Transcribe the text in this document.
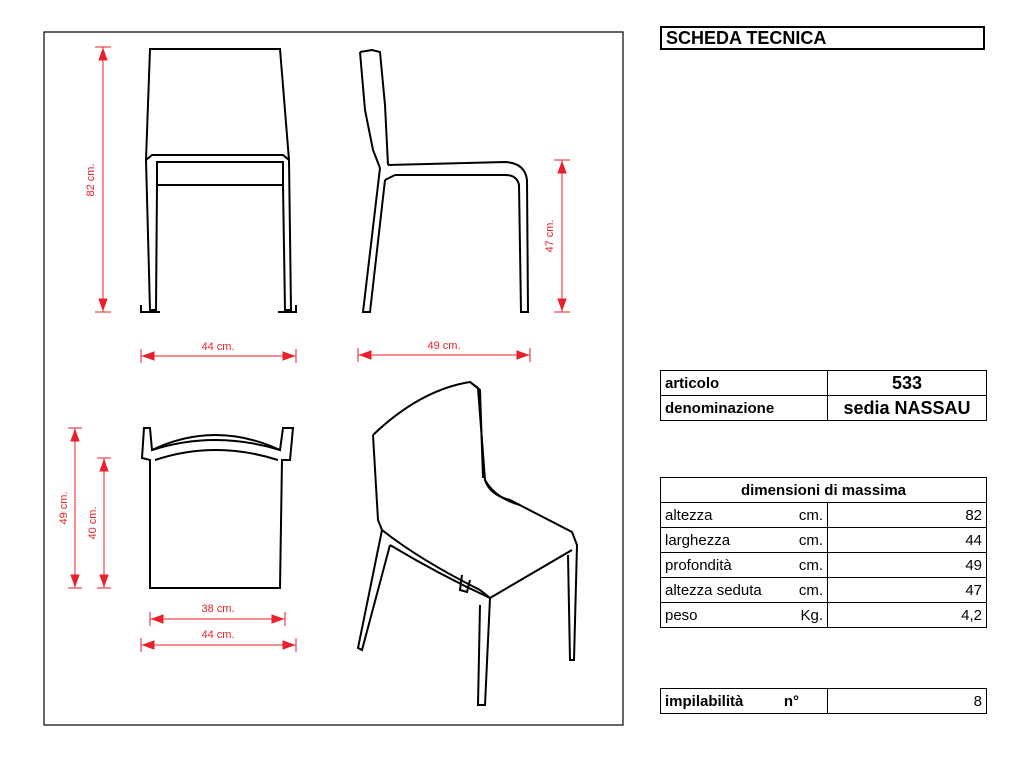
82 cm.
47 cm.
44 cm.	49 cm.
49 cm. 40 cm.
38 cm.
44 cm.
SCHEDA TECNICA
articolo	533
denominazione	sedia NASSAU
dimensioni di massima	
altezza cm.	82
larghezza cm.	44
profondità cm.	49
altezza seduta cm.	47
peso Kg.	4,2
impilabilità	n°	8
